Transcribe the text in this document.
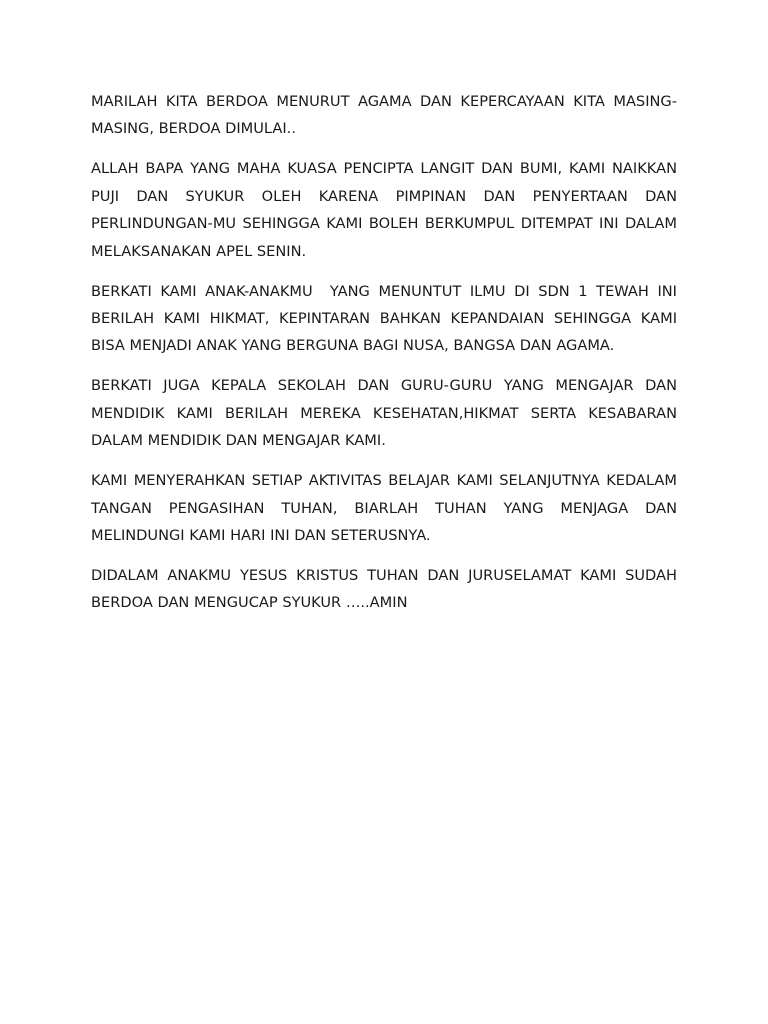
MARILAH KITA BERDOA MENURUT AGAMA DAN KEPERCAYAAN KITA MASING-MASING, BERDOA DIMULAI..

ALLAH BAPA YANG MAHA KUASA PENCIPTA LANGIT DAN BUMI, KAMI NAIKKAN PUJI DAN SYUKUR OLEH KARENA PIMPINAN DAN PENYERTAAN DAN PERLINDUNGAN-MU SEHINGGA KAMI BOLEH BERKUMPUL DITEMPAT INI DALAM MELAKSANAKAN APEL SENIN.

BERKATI KAMI ANAK-ANAKMU  YANG MENUNTUT ILMU DI SDN 1 TEWAH INI BERILAH KAMI HIKMAT, KEPINTARAN BAHKAN KEPANDAIAN SEHINGGA KAMI BISA MENJADI ANAK YANG BERGUNA BAGI NUSA, BANGSA DAN AGAMA.

BERKATI JUGA KEPALA SEKOLAH DAN GURU-GURU YANG MENGAJAR DAN MENDIDIK KAMI BERILAH MEREKA KESEHATAN,HIKMAT SERTA KESABARAN DALAM MENDIDIK DAN MENGAJAR KAMI.

KAMI MENYERAHKAN SETIAP AKTIVITAS BELAJAR KAMI SELANJUTNYA KEDALAM TANGAN PENGASIHAN TUHAN, BIARLAH TUHAN YANG MENJAGA DAN MELINDUNGI KAMI HARI INI DAN SETERUSNYA.

DIDALAM ANAKMU YESUS KRISTUS TUHAN DAN JURUSELAMAT KAMI SUDAH BERDOA DAN MENGUCAP SYUKUR …..AMIN
